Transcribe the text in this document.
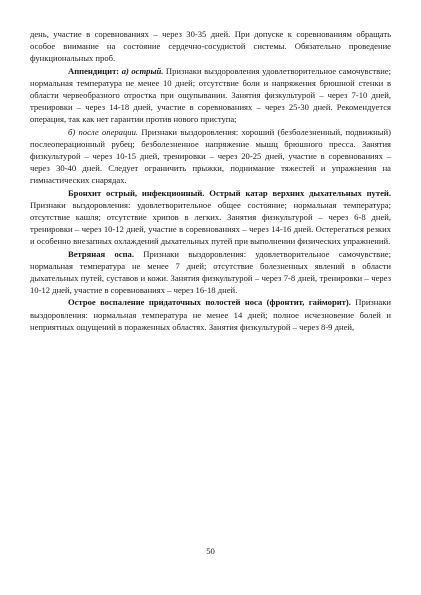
день, участие в соревнованиях – через 30-35 дней. При допуске к соревнованиям обращать особое внимание на состояние сердечно-сосудистой системы. Обязательно проведение функциональных проб.

Аппендицит: а) острый. Признаки выздоровления удовлетворительное самочувствие; нормальная температура не менее 10 дней; отсутствие боли и напряжения брюшной стенки в области червеобразного отростка при ощупывании. Занятия физкультурой – через 7-10 дней, тренировки – через 14-18 дней, участие в соревнованиях – через 25-30 дней. Рекомендуется операция, так как нет гарантии против нового приступа;

б) после операции. Признаки выздоровления: хороший (безболезненный, подвижный) послеоперационный рубец; безболезненное напряжение мышц брюшного пресса. Занятия физкультурой – через 10-15 дней, тренировки – через 20-25 дней, участие в соревнованиях – через 30-40 дней. Следует ограничить прыжки, поднимание тяжестей и упражнения на гимнастических снарядах.

Бронхит острый, инфекционный. Острый катар верхних дыхательных путей. Признаки выздоровления: удовлетворительное общее состояние; нормальная температура; отсутствие кашля; отсутствие хрипов в легких. Занятия физкультурой – через 6-8 дней, тренировки – через 10-12 дней, участие в соревнованиях – через 14-16 дней. Остерегаться резких и особенно внезапных охлаждений дыхательных путей при выполнении физических упражнений.

Ветряная оспа. Признаки выздоровления: удовлетворительное самочувствие; нормальная температура не менее 7 дней; отсутствие болезненных явлений в области дыхательных путей, суставов и кожи. Занятия физкультурой – через 7-8 дней, тренировки – через 10-12 дней, участие в соревнованиях – через 16-18 дней.

Острое воспаление придаточных полостей носа (фронтит, гайморит). Признаки выздоровления: нормальная температура не менее 14 дней; полное исчезновение болей и неприятных ощущений в пораженных областях. Занятия физкультурой – через 8-9 дней,

50
